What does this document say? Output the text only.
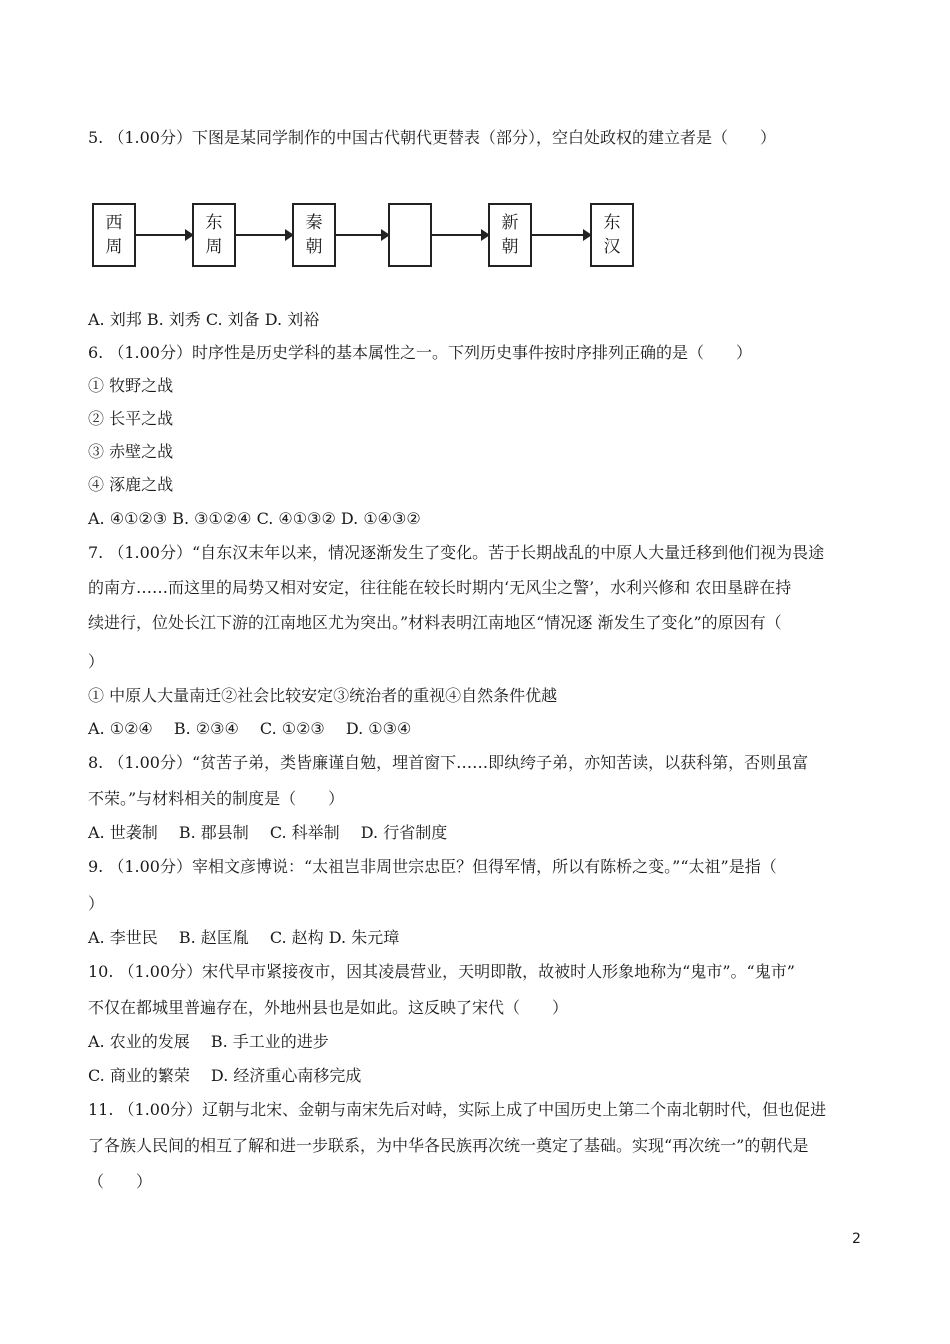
5. （1.00分）下图是某同学制作的中国古代朝代更替表（部分），空白处政权的建立者是（　　）
西
周
东
周
秦
朝
新
朝
东
汉
A. 刘邦 B. 刘秀 C. 刘备 D. 刘裕
6. （1.00分）时序性是历史学科的基本属性之一。下列历史事件按时序排列正确的是（　　）
① 牧野之战
② 长平之战
③ 赤壁之战
④ 涿鹿之战
A. ④①②③ B. ③①②④ C. ④①③② D. ①④③②
7. （1.00分）“自东汉末年以来，情况逐渐发生了变化。苦于长期战乱的中原人大量迁移到他们视为畏途
的南方……而这里的局势又相对安定，往往能在较长时期内‘无风尘之警’，水利兴修和 农田垦辟在持
续进行，位处长江下游的江南地区尤为突出。”材料表明江南地区“情况逐 渐发生了变化”的原因有（
）
① 中原人大量南迁②社会比较安定③统治者的重视④自然条件优越
A. ①②④　 B. ②③④　 C. ①②③　 D. ①③④
8. （1.00分）“贫苦子弟，类皆廉谨自勉，埋首窗下……即纨绔子弟，亦知苦读，以获科第，否则虽富
不荣。”与材料相关的制度是（　　）
A. 世袭制　 B. 郡县制　 C. 科举制　 D. 行省制度
9. （1.00分）宰相文彦博说：“太祖岂非周世宗忠臣？但得军情，所以有陈桥之变。”“太祖”是指（
）
A. 李世民　 B. 赵匡胤　 C. 赵构 D. 朱元璋
10. （1.00分）宋代早市紧接夜市，因其凌晨营业，天明即散，故被时人形象地称为“鬼市”。“鬼市”
不仅在都城里普遍存在，外地州县也是如此。这反映了宋代（　　）
A. 农业的发展　 B. 手工业的进步
C. 商业的繁荣　 D. 经济重心南移完成
11. （1.00分）辽朝与北宋、金朝与南宋先后对峙，实际上成了中国历史上第二个南北朝时代，但也促进
了各族人民间的相互了解和进一步联系，为中华各民族再次统一奠定了基础。实现“再次统一”的朝代是
（　　）
2
